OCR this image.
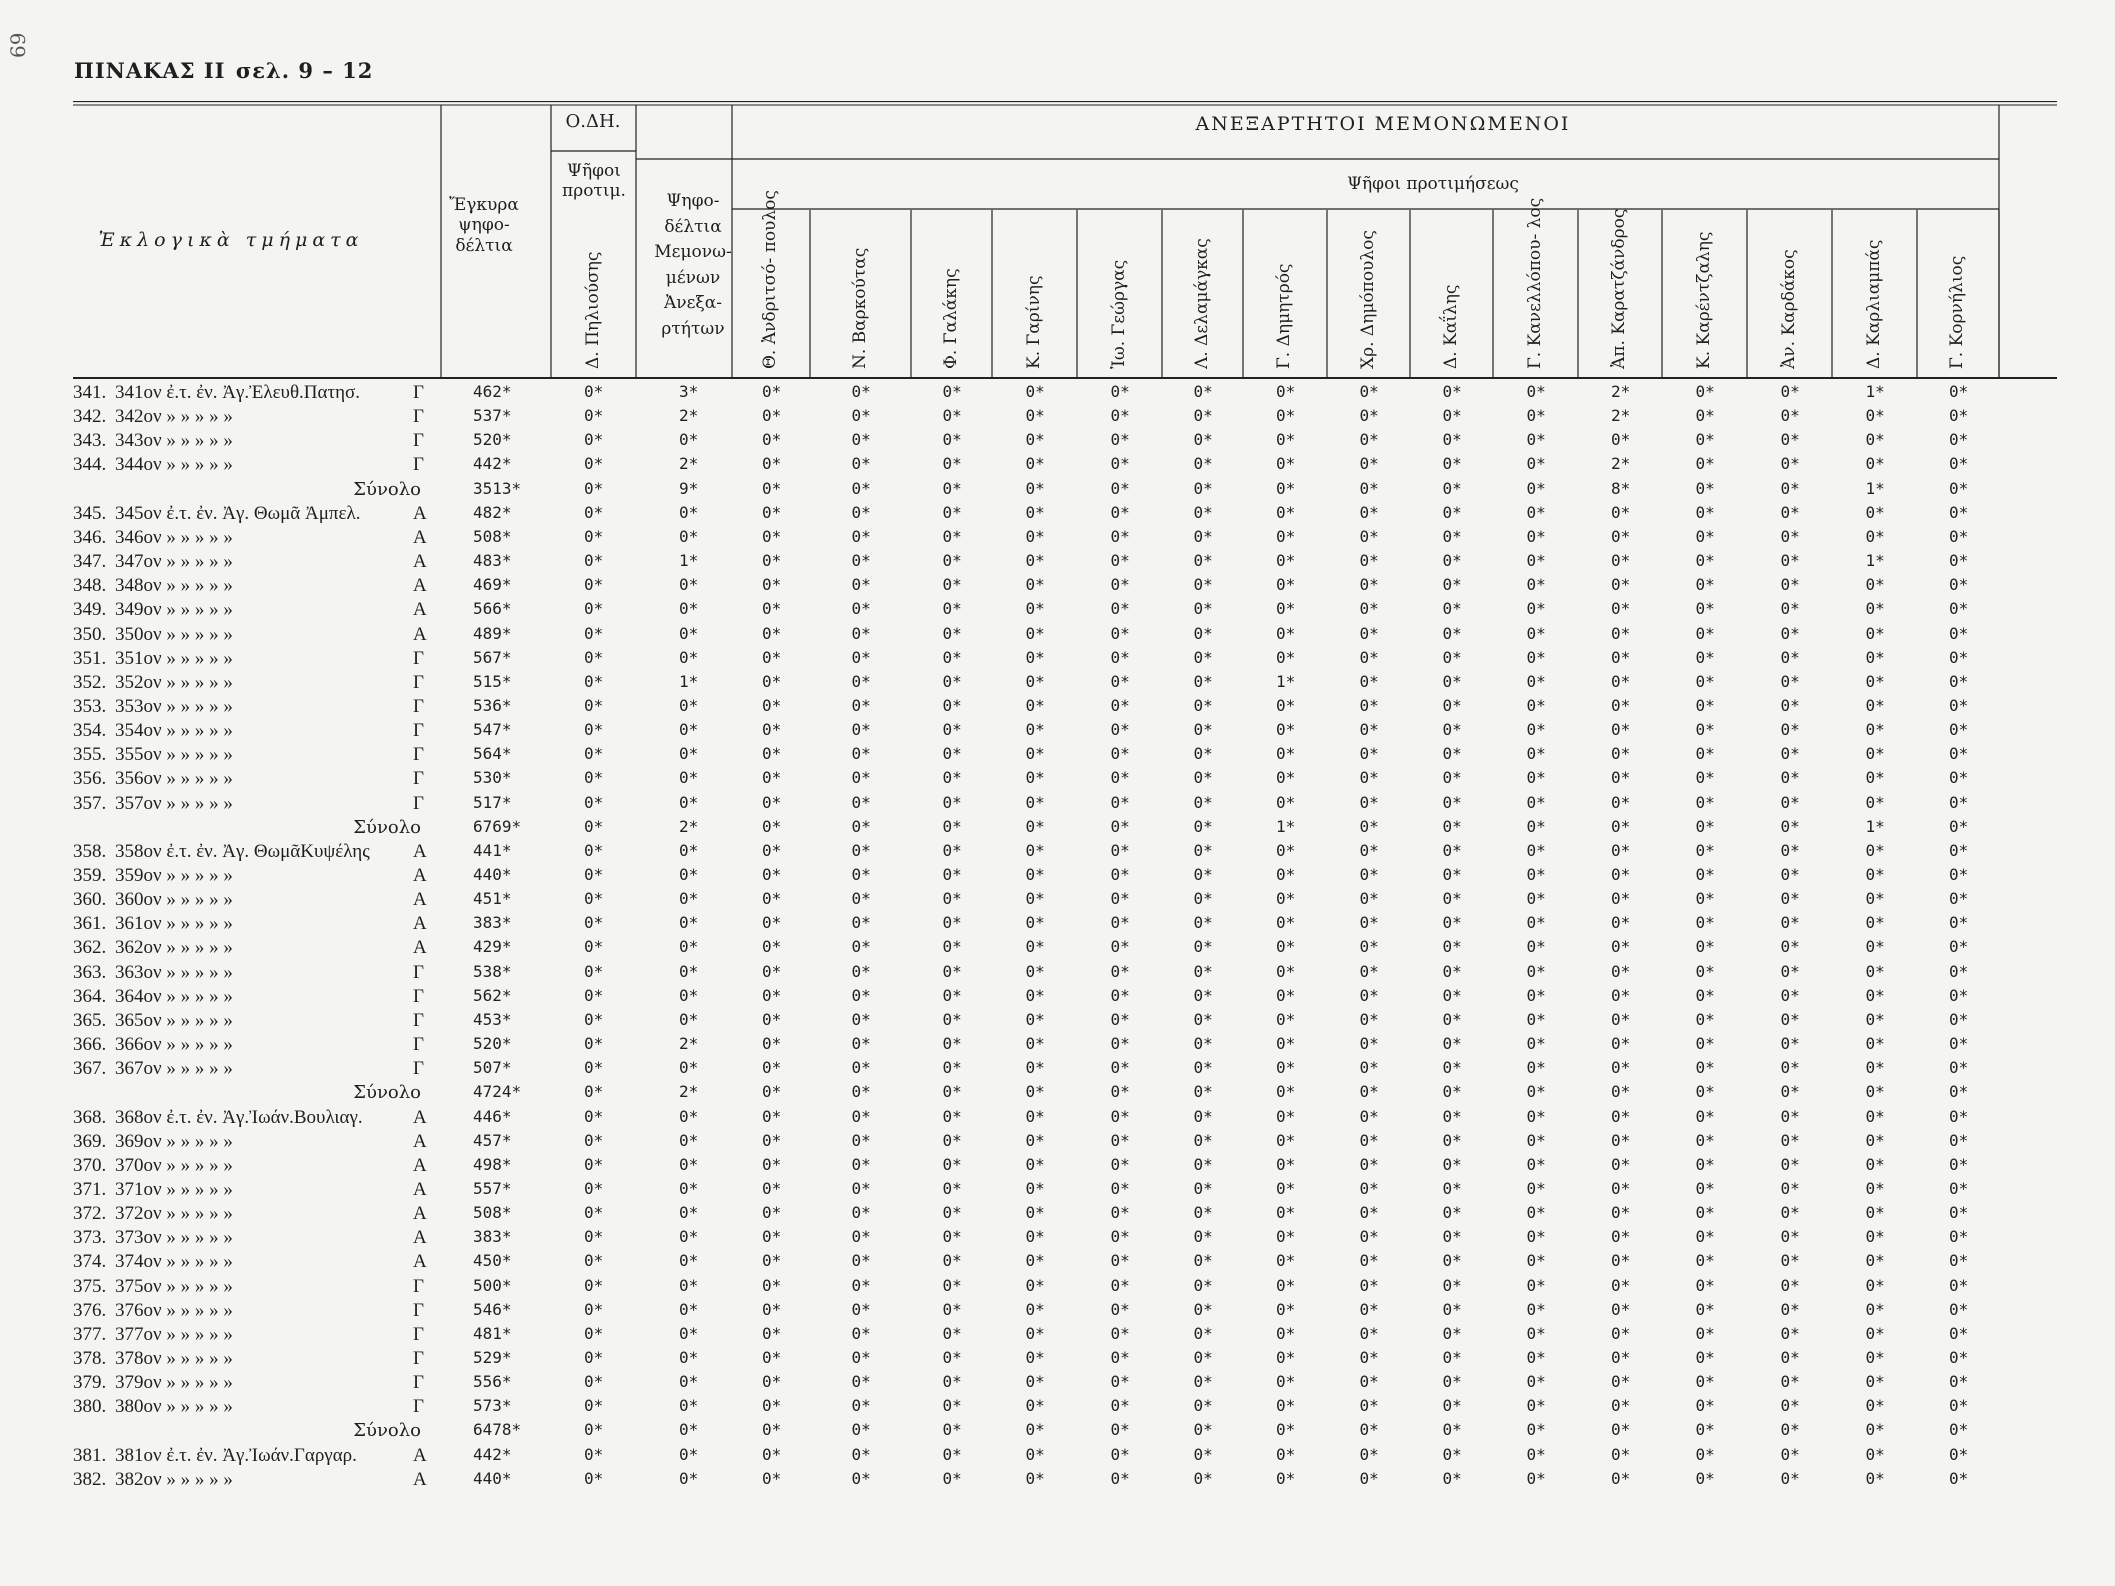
69
ΠΙΝΑΚΑΣ II σελ. 9 – 12
Ἐκλογικὰ τμήματα
Ἔγκυρα ψηφο- δέλτια
Ο.ΔΗ.
Ψῆφοι προτιμ.
ΑΝΕΞΑΡΤΗΤΟΙ ΜΕΜΟΝΩΜΕΝΟΙ
Ψηφο- δέλτια Μεμονω- μένων Ἀνεξα- ρτήτων
Ψῆφοι προτιμήσεως
Δ. Πηλιούσης	Θ. Ἀνδριτσό- πουλος	Ν. Βαρκούτας	Φ. Γαλάκης	Κ. Γαρίνης	Ἰω. Γεώργας	Λ. Δελαμάγκας	Γ. Δημητρός	Χρ. Δημόπουλος	Δ. Καΐλης	Γ. Κανελλόπου- λος	Ἀπ. Καρατζάνδρος	Κ. Καρέντζαλης	Ἀν. Καρδάκος	Δ. Καρλιαμπάς	Γ. Κορνήλιος
341. 341ον ἐ.τ. ἐν. Ἀγ.Ἐλευθ.Πατησ.	Γ	462*	0*	3*	0*	0*	0*	0*	0*	0*	0*	0*	0*	0*	2*	0*	0*	1*	0*
342. 342ον » » » » »	Γ	537*	0*	2*	0*	0*	0*	0*	0*	0*	0*	0*	0*	0*	2*	0*	0*	0*	0*
343. 343ον » » » » »	Γ	520*	0*	0*	0*	0*	0*	0*	0*	0*	0*	0*	0*	0*	0*	0*	0*	0*	0*
344. 344ον » » » » »	Γ	442*	0*	2*	0*	0*	0*	0*	0*	0*	0*	0*	0*	0*	2*	0*	0*	0*	0*
Σύνολο	3513*	0*	9*	0*	0*	0*	0*	0*	0*	0*	0*	0*	0*	8*	0*	0*	1*	0*
345. 345ον ἐ.τ. ἐν. Ἀγ. Θωμᾶ Ἀμπελ.	Α	482*	0*	0*	0*	0*	0*	0*	0*	0*	0*	0*	0*	0*	0*	0*	0*	0*	0*
346. 346ον » » » » »	Α	508*	0*	0*	0*	0*	0*	0*	0*	0*	0*	0*	0*	0*	0*	0*	0*	0*	0*
347. 347ον » » » » »	Α	483*	0*	1*	0*	0*	0*	0*	0*	0*	0*	0*	0*	0*	0*	0*	0*	1*	0*
348. 348ον » » » » »	Α	469*	0*	0*	0*	0*	0*	0*	0*	0*	0*	0*	0*	0*	0*	0*	0*	0*	0*
349. 349ον » » » » »	Α	566*	0*	0*	0*	0*	0*	0*	0*	0*	0*	0*	0*	0*	0*	0*	0*	0*	0*
350. 350ον » » » » »	Α	489*	0*	0*	0*	0*	0*	0*	0*	0*	0*	0*	0*	0*	0*	0*	0*	0*	0*
351. 351ον » » » » »	Γ	567*	0*	0*	0*	0*	0*	0*	0*	0*	0*	0*	0*	0*	0*	0*	0*	0*	0*
352. 352ον » » » » »	Γ	515*	0*	1*	0*	0*	0*	0*	0*	0*	1*	0*	0*	0*	0*	0*	0*	0*	0*
353. 353ον » » » » »	Γ	536*	0*	0*	0*	0*	0*	0*	0*	0*	0*	0*	0*	0*	0*	0*	0*	0*	0*
354. 354ον » » » » »	Γ	547*	0*	0*	0*	0*	0*	0*	0*	0*	0*	0*	0*	0*	0*	0*	0*	0*	0*
355. 355ον » » » » »	Γ	564*	0*	0*	0*	0*	0*	0*	0*	0*	0*	0*	0*	0*	0*	0*	0*	0*	0*
356. 356ον » » » » »	Γ	530*	0*	0*	0*	0*	0*	0*	0*	0*	0*	0*	0*	0*	0*	0*	0*	0*	0*
357. 357ον » » » » »	Γ	517*	0*	0*	0*	0*	0*	0*	0*	0*	0*	0*	0*	0*	0*	0*	0*	0*	0*
Σύνολο	6769*	0*	2*	0*	0*	0*	0*	0*	0*	1*	0*	0*	0*	0*	0*	0*	1*	0*
358. 358ον ἐ.τ. ἐν. Ἀγ. ΘωμᾶΚυψέλης Α	441*	0*	0*	0*	0*	0*	0*	0*	0*	0*	0*	0*	0*	0*	0*	0*	0*	0*
359. 359ον » » » » »	Α	440*	0*	0*	0*	0*	0*	0*	0*	0*	0*	0*	0*	0*	0*	0*	0*	0*	0*
360. 360ον » » » » »	Α	451*	0*	0*	0*	0*	0*	0*	0*	0*	0*	0*	0*	0*	0*	0*	0*	0*	0*
361. 361ον » » » » »	Α	383*	0*	0*	0*	0*	0*	0*	0*	0*	0*	0*	0*	0*	0*	0*	0*	0*	0*
362. 362ον » » » » »	Α	429*	0*	0*	0*	0*	0*	0*	0*	0*	0*	0*	0*	0*	0*	0*	0*	0*	0*
363. 363ον » » » » »	Γ	538*	0*	0*	0*	0*	0*	0*	0*	0*	0*	0*	0*	0*	0*	0*	0*	0*	0*
364. 364ον » » » » »	Γ	562*	0*	0*	0*	0*	0*	0*	0*	0*	0*	0*	0*	0*	0*	0*	0*	0*	0*
365. 365ον » » » » »	Γ	453*	0*	0*	0*	0*	0*	0*	0*	0*	0*	0*	0*	0*	0*	0*	0*	0*	0*
366. 366ον » » » » »	Γ	520*	0*	2*	0*	0*	0*	0*	0*	0*	0*	0*	0*	0*	0*	0*	0*	0*	0*
367. 367ον » » » » »	Γ	507*	0*	0*	0*	0*	0*	0*	0*	0*	0*	0*	0*	0*	0*	0*	0*	0*	0*
Σύνολο	4724*	0*	2*	0*	0*	0*	0*	0*	0*	0*	0*	0*	0*	0*	0*	0*	0*	0*
368. 368ον ἐ.τ. ἐν. Ἀγ.Ἰωάν.Βουλιαγ.	Α	446*	0*	0*	0*	0*	0*	0*	0*	0*	0*	0*	0*	0*	0*	0*	0*	0*	0*
369. 369ον » » » » »	Α	457*	0*	0*	0*	0*	0*	0*	0*	0*	0*	0*	0*	0*	0*	0*	0*	0*	0*
370. 370ον » » » » »	Α	498*	0*	0*	0*	0*	0*	0*	0*	0*	0*	0*	0*	0*	0*	0*	0*	0*	0*
371. 371ον » » » » »	Α	557*	0*	0*	0*	0*	0*	0*	0*	0*	0*	0*	0*	0*	0*	0*	0*	0*	0*
372. 372ον » » » » »	Α	508*	0*	0*	0*	0*	0*	0*	0*	0*	0*	0*	0*	0*	0*	0*	0*	0*	0*
373. 373ον » » » » »	Α	383*	0*	0*	0*	0*	0*	0*	0*	0*	0*	0*	0*	0*	0*	0*	0*	0*	0*
374. 374ον » » » » »	Α	450*	0*	0*	0*	0*	0*	0*	0*	0*	0*	0*	0*	0*	0*	0*	0*	0*	0*
375. 375ον » » » » »	Γ	500*	0*	0*	0*	0*	0*	0*	0*	0*	0*	0*	0*	0*	0*	0*	0*	0*	0*
376. 376ον » » » » »	Γ	546*	0*	0*	0*	0*	0*	0*	0*	0*	0*	0*	0*	0*	0*	0*	0*	0*	0*
377. 377ον » » » » »	Γ	481*	0*	0*	0*	0*	0*	0*	0*	0*	0*	0*	0*	0*	0*	0*	0*	0*	0*
378. 378ον » » » » »	Γ	529*	0*	0*	0*	0*	0*	0*	0*	0*	0*	0*	0*	0*	0*	0*	0*	0*	0*
379. 379ον » » » » »	Γ	556*	0*	0*	0*	0*	0*	0*	0*	0*	0*	0*	0*	0*	0*	0*	0*	0*	0*
380. 380ον » » » » »	Γ	573*	0*	0*	0*	0*	0*	0*	0*	0*	0*	0*	0*	0*	0*	0*	0*	0*	0*
Σύνολο	6478*	0*	0*	0*	0*	0*	0*	0*	0*	0*	0*	0*	0*	0*	0*	0*	0*	0*
381. 381ον ἐ.τ. ἐν. Ἀγ.Ἰωάν.Γαργαρ.	Α	442*	0*	0*	0*	0*	0*	0*	0*	0*	0*	0*	0*	0*	0*	0*	0*	0*	0*
382. 382ον » » » » »	Α	440*	0*	0*	0*	0*	0*	0*	0*	0*	0*	0*	0*	0*	0*	0*	0*	0*	0*
